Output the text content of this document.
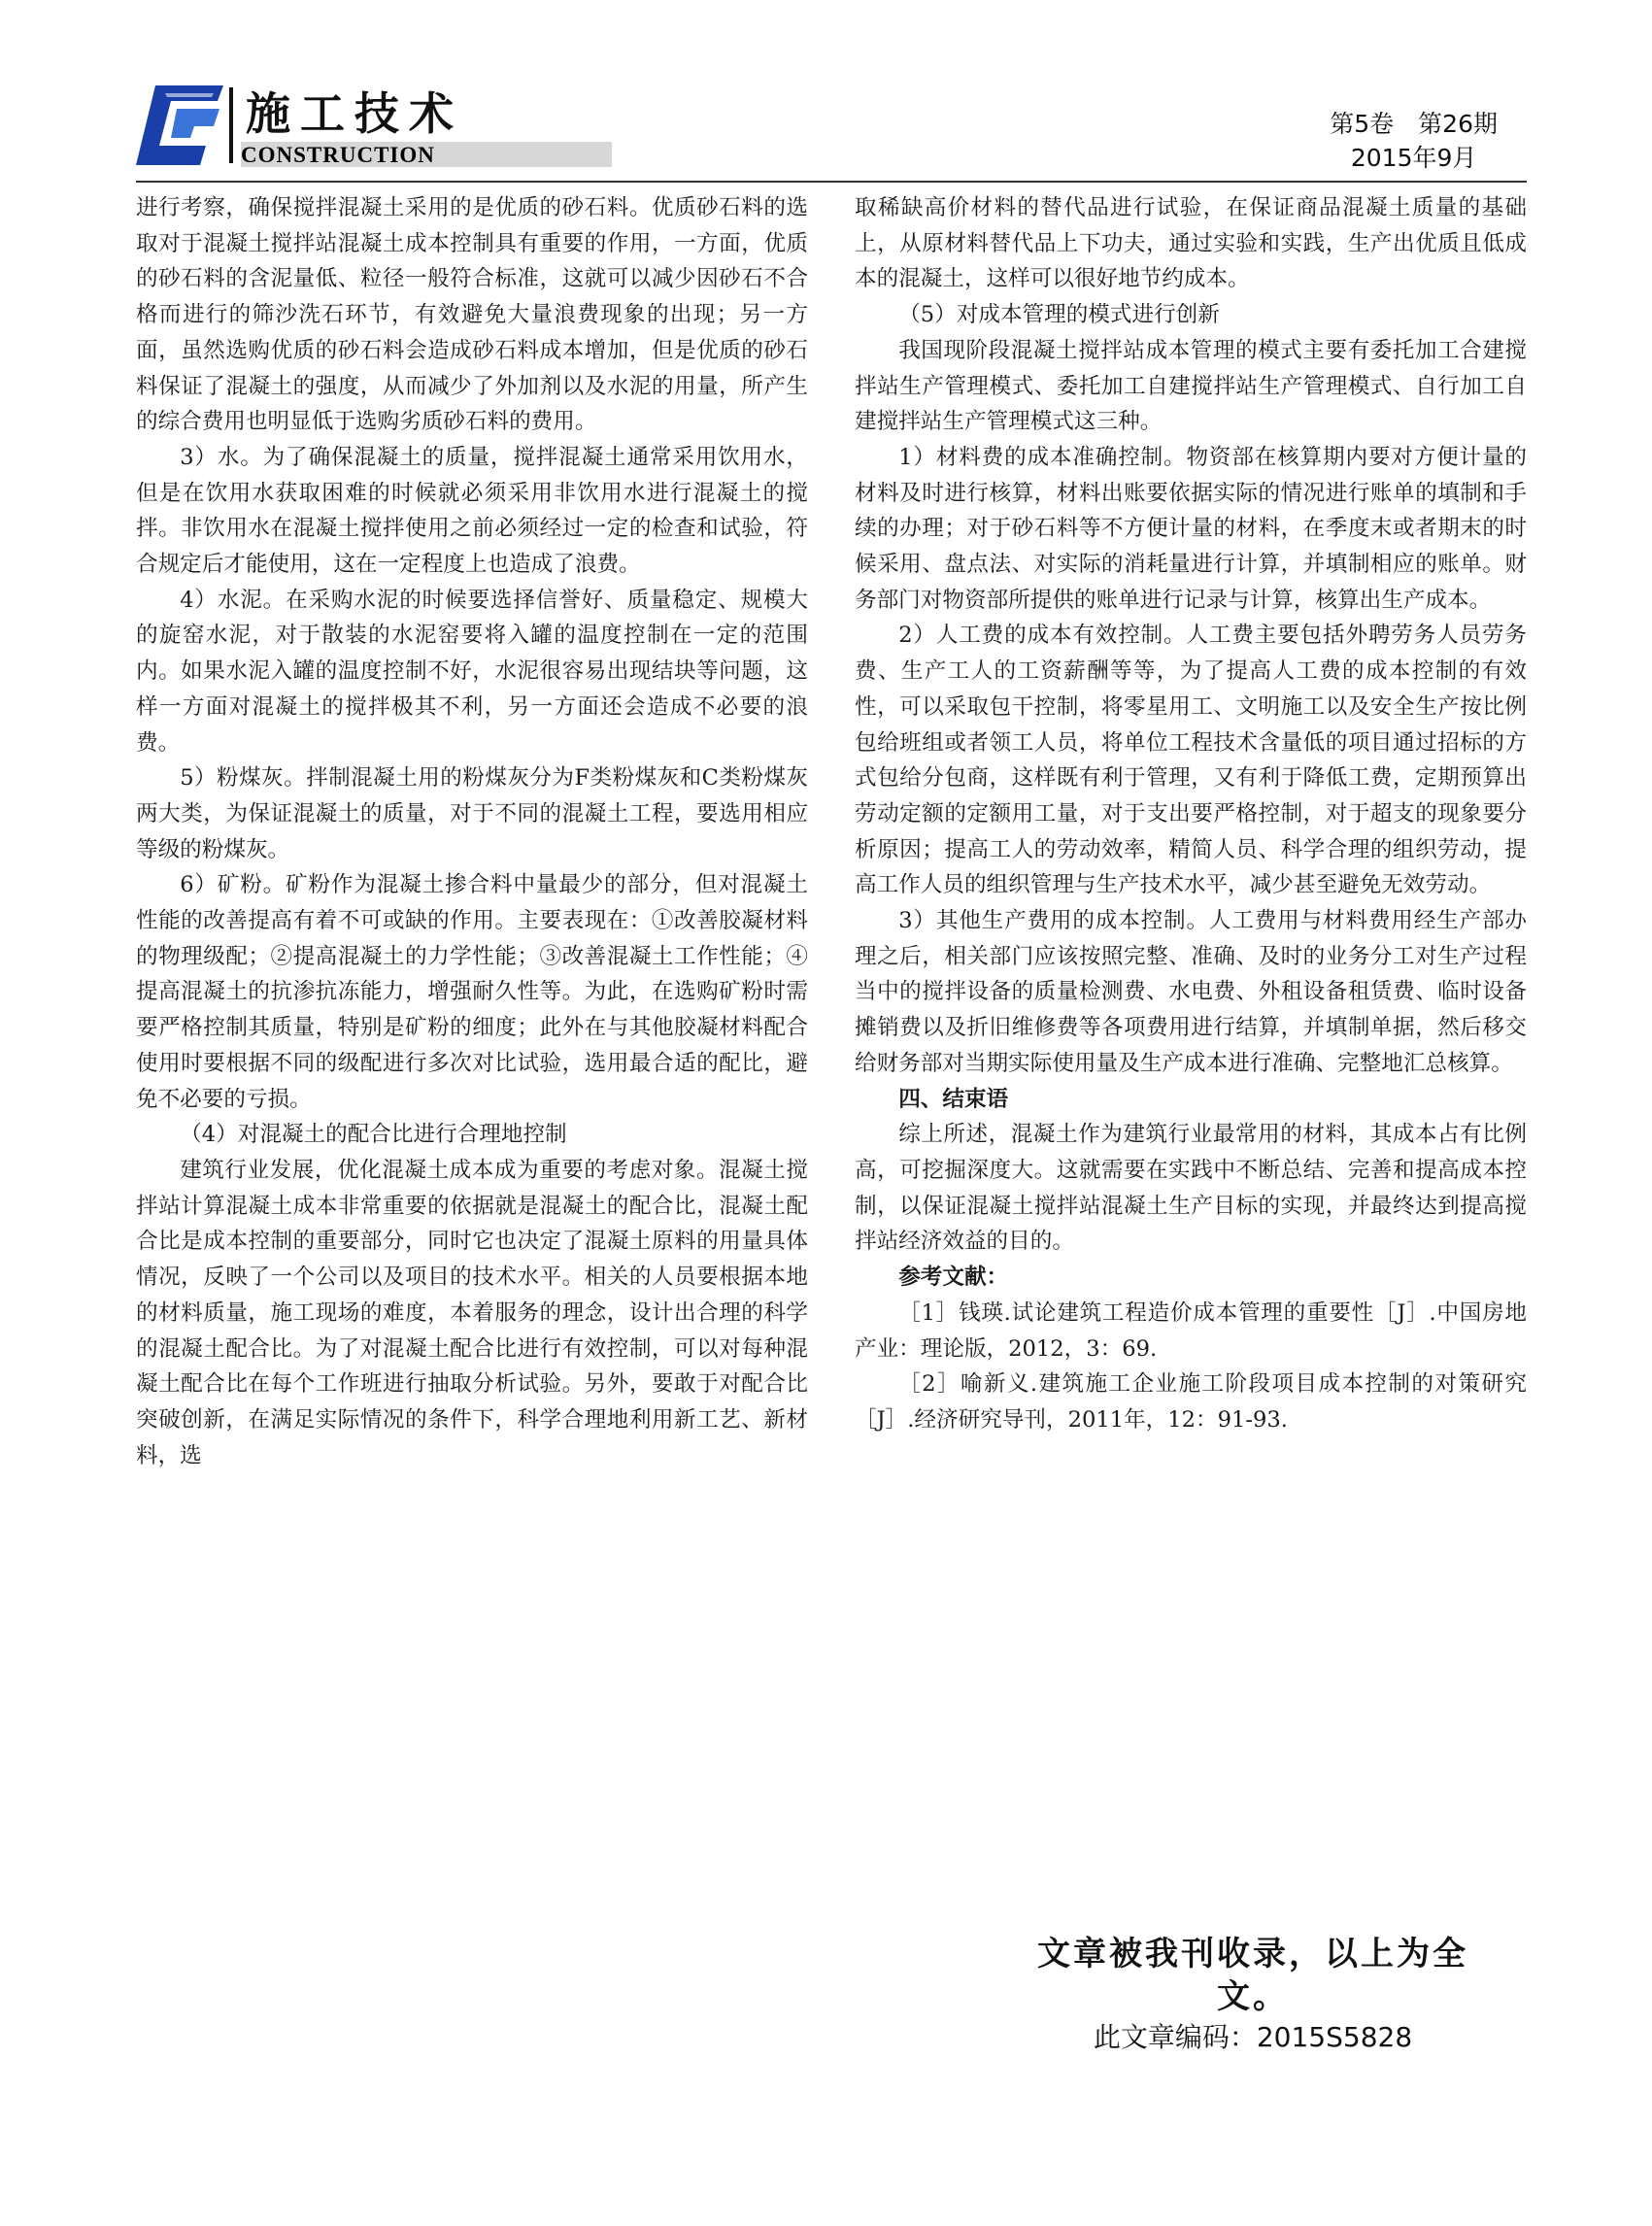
施工技术
CONSTRUCTION
第5卷　第26期
2015年9月

进行考察，确保搅拌混凝土采用的是优质的砂石料。优质砂石料的选取对于混凝土搅拌站混凝土成本控制具有重要的作用，一方面，优质的砂石料的含泥量低、粒径一般符合标准，这就可以减少因砂石不合格而进行的筛沙洗石环节，有效避免大量浪费现象的出现；另一方面，虽然选购优质的砂石料会造成砂石料成本增加，但是优质的砂石料保证了混凝土的强度，从而减少了外加剂以及水泥的用量，所产生的综合费用也明显低于选购劣质砂石料的费用。

3）水。为了确保混凝土的质量，搅拌混凝土通常采用饮用水，但是在饮用水获取困难的时候就必须采用非饮用水进行混凝土的搅拌。非饮用水在混凝土搅拌使用之前必须经过一定的检查和试验，符合规定后才能使用，这在一定程度上也造成了浪费。

4）水泥。在采购水泥的时候要选择信誉好、质量稳定、规模大的旋窑水泥，对于散装的水泥窑要将入罐的温度控制在一定的范围内。如果水泥入罐的温度控制不好，水泥很容易出现结块等问题，这样一方面对混凝土的搅拌极其不利，另一方面还会造成不必要的浪费。

5）粉煤灰。拌制混凝土用的粉煤灰分为F类粉煤灰和C类粉煤灰两大类，为保证混凝土的质量，对于不同的混凝土工程，要选用相应等级的粉煤灰。

6）矿粉。矿粉作为混凝土掺合料中量最少的部分，但对混凝土性能的改善提高有着不可或缺的作用。主要表现在：①改善胶凝材料的物理级配；②提高混凝土的力学性能；③改善混凝土工作性能；④提高混凝土的抗渗抗冻能力，增强耐久性等。为此，在选购矿粉时需要严格控制其质量，特别是矿粉的细度；此外在与其他胶凝材料配合使用时要根据不同的级配进行多次对比试验，选用最合适的配比，避免不必要的亏损。

（4）对混凝土的配合比进行合理地控制

建筑行业发展，优化混凝土成本成为重要的考虑对象。混凝土搅拌站计算混凝土成本非常重要的依据就是混凝土的配合比，混凝土配合比是成本控制的重要部分，同时它也决定了混凝土原料的用量具体情况，反映了一个公司以及项目的技术水平。相关的人员要根据本地的材料质量，施工现场的难度，本着服务的理念，设计出合理的科学的混凝土配合比。为了对混凝土配合比进行有效控制，可以对每种混凝土配合比在每个工作班进行抽取分析试验。另外，要敢于对配合比突破创新，在满足实际情况的条件下，科学合理地利用新工艺、新材料，选

取稀缺高价材料的替代品进行试验，在保证商品混凝土质量的基础上，从原材料替代品上下功夫，通过实验和实践，生产出优质且低成本的混凝土，这样可以很好地节约成本。

（5）对成本管理的模式进行创新

我国现阶段混凝土搅拌站成本管理的模式主要有委托加工合建搅拌站生产管理模式、委托加工自建搅拌站生产管理模式、自行加工自建搅拌站生产管理模式这三种。

1）材料费的成本准确控制。物资部在核算期内要对方便计量的材料及时进行核算，材料出账要依据实际的情况进行账单的填制和手续的办理；对于砂石料等不方便计量的材料，在季度末或者期末的时候采用、盘点法、对实际的消耗量进行计算，并填制相应的账单。财务部门对物资部所提供的账单进行记录与计算，核算出生产成本。

2）人工费的成本有效控制。人工费主要包括外聘劳务人员劳务费、生产工人的工资薪酬等等，为了提高人工费的成本控制的有效性，可以采取包干控制，将零星用工、文明施工以及安全生产按比例包给班组或者领工人员，将单位工程技术含量低的项目通过招标的方式包给分包商，这样既有利于管理，又有利于降低工费，定期预算出劳动定额的定额用工量，对于支出要严格控制，对于超支的现象要分析原因；提高工人的劳动效率，精简人员、科学合理的组织劳动，提高工作人员的组织管理与生产技术水平，减少甚至避免无效劳动。

3）其他生产费用的成本控制。人工费用与材料费用经生产部办理之后，相关部门应该按照完整、准确、及时的业务分工对生产过程当中的搅拌设备的质量检测费、水电费、外租设备租赁费、临时设备摊销费以及折旧维修费等各项费用进行结算，并填制单据，然后移交给财务部对当期实际使用量及生产成本进行准确、完整地汇总核算。

四、结束语

综上所述，混凝土作为建筑行业最常用的材料，其成本占有比例高，可挖掘深度大。这就需要在实践中不断总结、完善和提高成本控制，以保证混凝土搅拌站混凝土生产目标的实现，并最终达到提高搅拌站经济效益的目的。

参考文献：

［1］钱瑛.试论建筑工程造价成本管理的重要性［J］.中国房地产业：理论版，2012，3：69.

［2］喻新义.建筑施工企业施工阶段项目成本控制的对策研究［J］.经济研究导刊，2011年，12：91-93.

文章被我刊收录，以上为全文。
此文章编码：2015S5828
